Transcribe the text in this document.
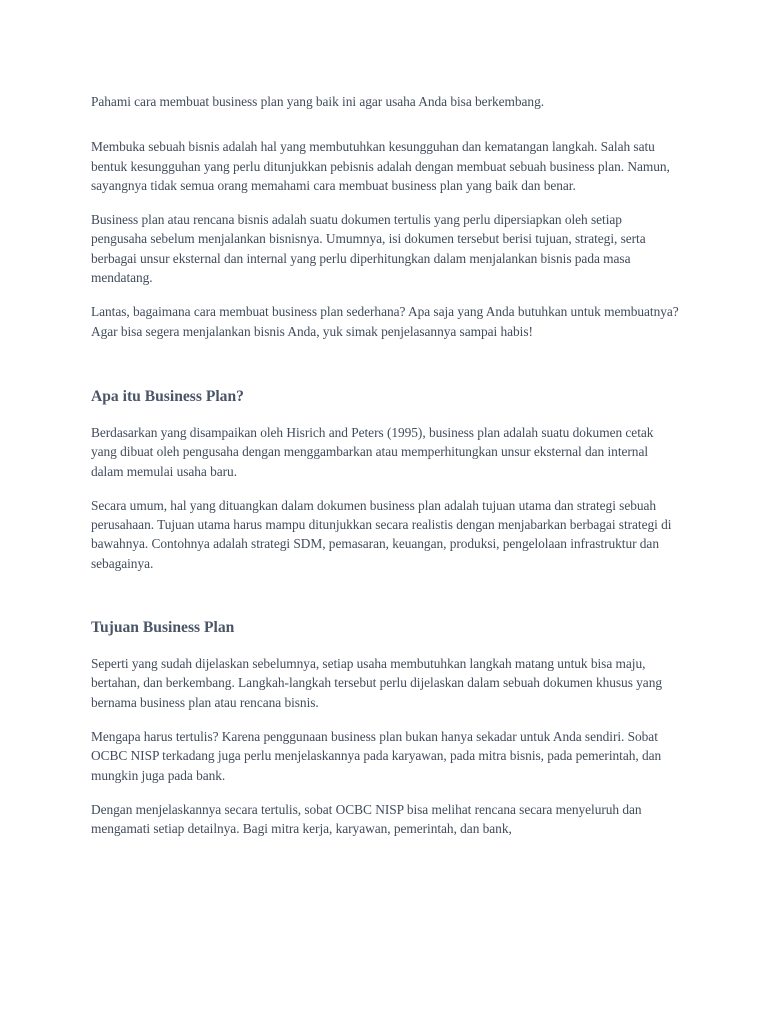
Pahami cara membuat business plan yang baik ini agar usaha Anda bisa berkembang.

Membuka sebuah bisnis adalah hal yang membutuhkan kesungguhan dan kematangan langkah. Salah satu bentuk kesungguhan yang perlu ditunjukkan pebisnis adalah dengan membuat sebuah business plan. Namun, sayangnya tidak semua orang memahami cara membuat business plan yang baik dan benar.

Business plan atau rencana bisnis adalah suatu dokumen tertulis yang perlu dipersiapkan oleh setiap pengusaha sebelum menjalankan bisnisnya. Umumnya, isi dokumen tersebut berisi tujuan, strategi, serta berbagai unsur eksternal dan internal yang perlu diperhitungkan dalam menjalankan bisnis pada masa mendatang.

Lantas, bagaimana cara membuat business plan sederhana? Apa saja yang Anda butuhkan untuk membuatnya? Agar bisa segera menjalankan bisnis Anda, yuk simak penjelasannya sampai habis!

Apa itu Business Plan?

Berdasarkan yang disampaikan oleh Hisrich and Peters (1995), business plan adalah suatu dokumen cetak yang dibuat oleh pengusaha dengan menggambarkan atau memperhitungkan unsur eksternal dan internal dalam memulai usaha baru.

Secara umum, hal yang dituangkan dalam dokumen business plan adalah tujuan utama dan strategi sebuah perusahaan. Tujuan utama harus mampu ditunjukkan secara realistis dengan menjabarkan berbagai strategi di bawahnya. Contohnya adalah strategi SDM, pemasaran, keuangan, produksi, pengelolaan infrastruktur dan sebagainya.

Tujuan Business Plan

Seperti yang sudah dijelaskan sebelumnya, setiap usaha membutuhkan langkah matang untuk bisa maju, bertahan, dan berkembang. Langkah-langkah tersebut perlu dijelaskan dalam sebuah dokumen khusus yang bernama business plan atau rencana bisnis.

Mengapa harus tertulis? Karena penggunaan business plan bukan hanya sekadar untuk Anda sendiri. Sobat OCBC NISP terkadang juga perlu menjelaskannya pada karyawan, pada mitra bisnis, pada pemerintah, dan mungkin juga pada bank.

Dengan menjelaskannya secara tertulis, sobat OCBC NISP bisa melihat rencana secara menyeluruh dan mengamati setiap detailnya. Bagi mitra kerja, karyawan, pemerintah, dan bank,
